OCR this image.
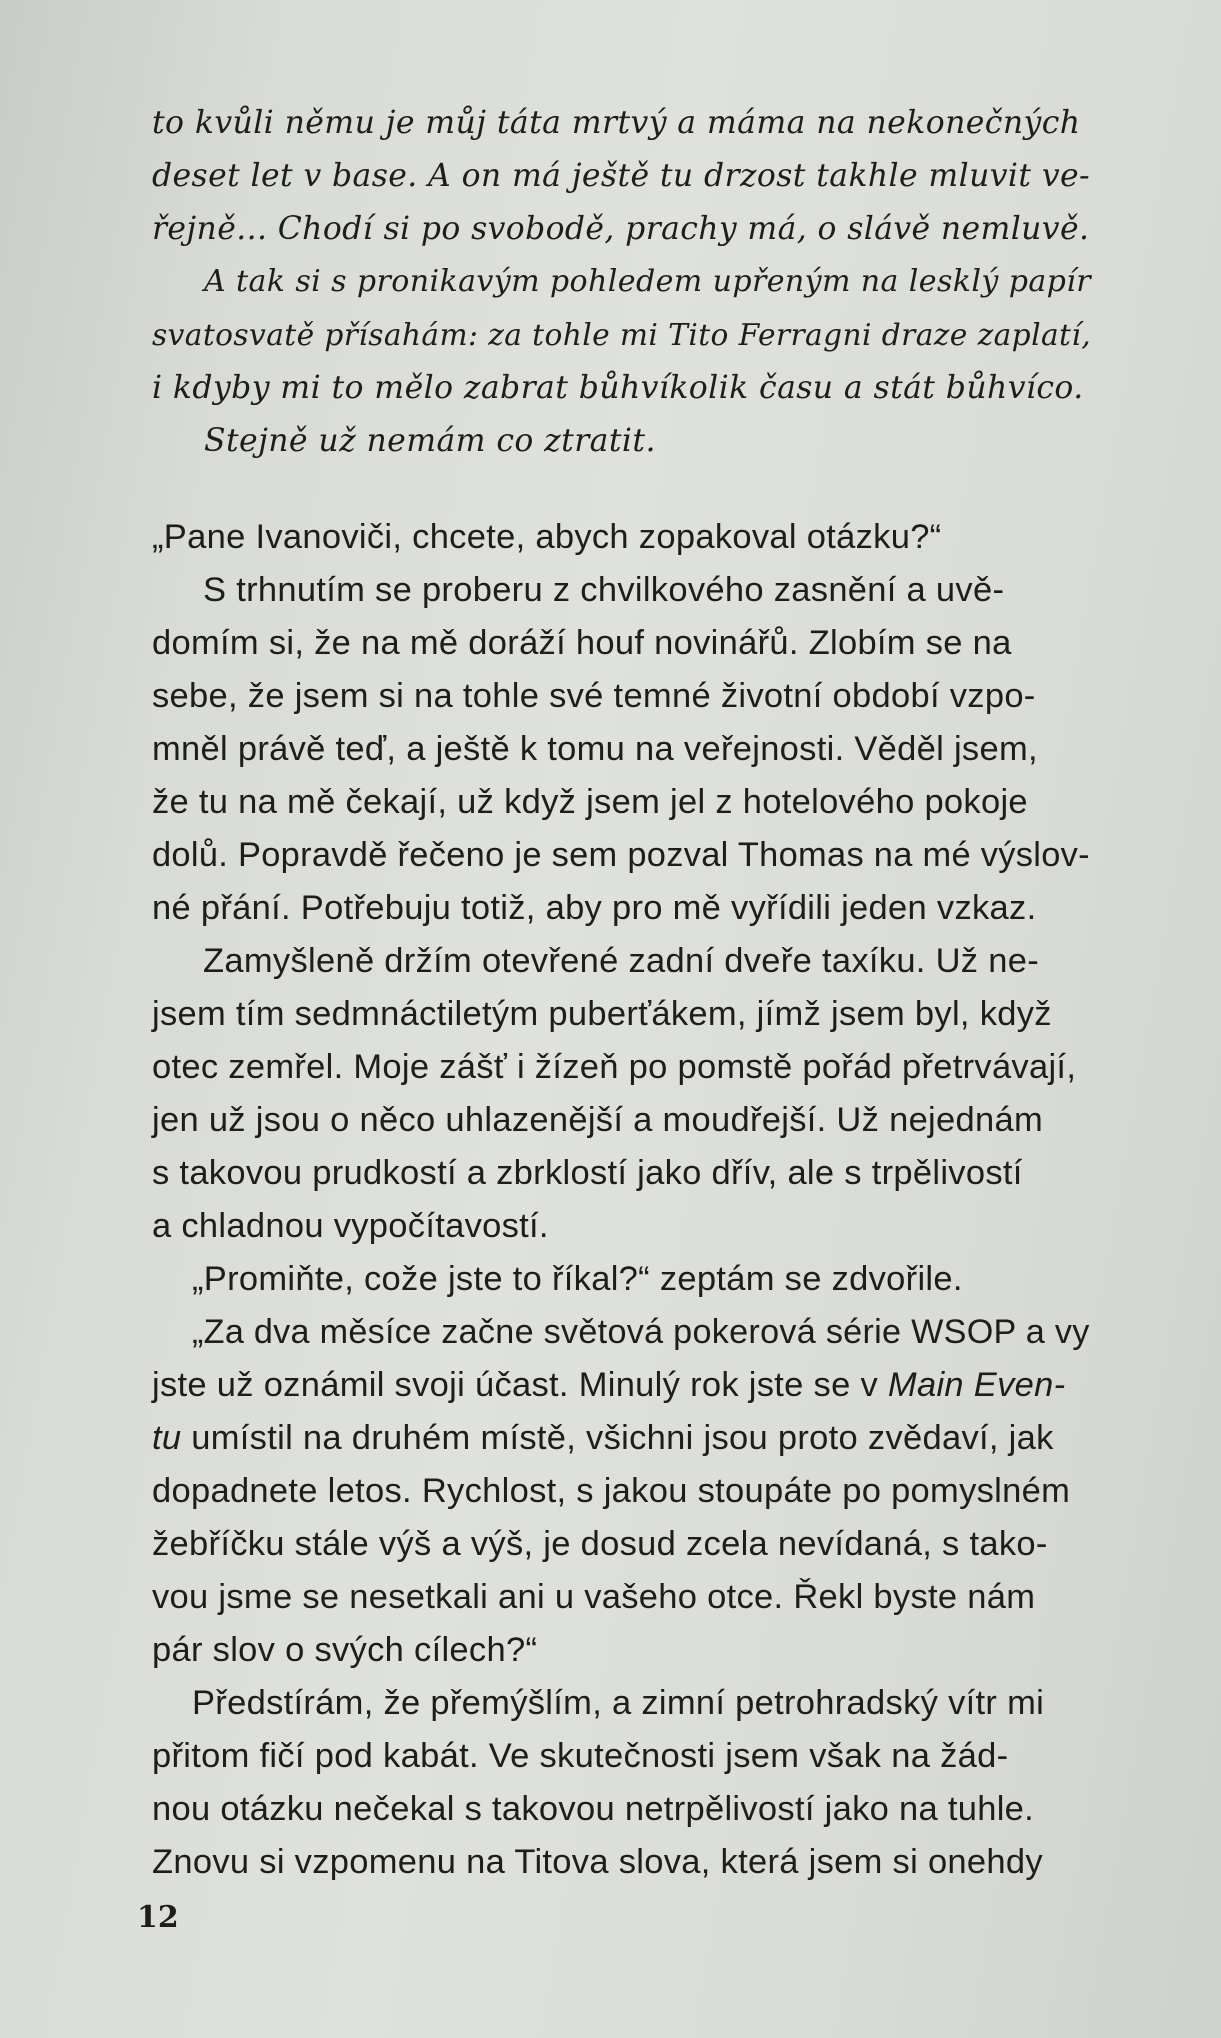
to kvůli němu je můj táta mrtvý a máma na nekonečných
deset let v base. A on má ještě tu drzost takhle mluvit ve-
řejně... Chodí si po svobodě, prachy má, o slávě nemluvě.
A tak si s pronikavým pohledem upřeným na lesklý papír
svatosvatě přísahám: za tohle mi Tito Ferragni draze zaplatí,
i kdyby mi to mělo zabrat bůhvíkolik času a stát bůhvíco.
Stejně už nemám co ztratit.
„Pane Ivanoviči, chcete, abych zopakoval otázku?“
S trhnutím se proberu z chvilkového zasnění a uvě-
domím si, že na mě doráží houf novinářů. Zlobím se na
sebe, že jsem si na tohle své temné životní období vzpo-
mněl právě teď, a ještě k tomu na veřejnosti. Věděl jsem,
že tu na mě čekají, už když jsem jel z hotelového pokoje
dolů. Popravdě řečeno je sem pozval Thomas na mé výslov-
né přání. Potřebuju totiž, aby pro mě vyřídili jeden vzkaz.
Zamyšleně držím otevřené zadní dveře taxíku. Už ne-
jsem tím sedmnáctiletým puberťákem, jímž jsem byl, když
otec zemřel. Moje zášť i žízeň po pomstě pořád přetrvávají,
jen už jsou o něco uhlazenější a moudřejší. Už nejednám
s takovou prudkostí a zbrklostí jako dřív, ale s trpělivostí
a chladnou vypočítavostí.
„Promiňte, cože jste to říkal?“ zeptám se zdvořile.
„Za dva měsíce začne světová pokerová série WSOP a vy
jste už oznámil svoji účast. Minulý rok jste se v Main Even-
tu umístil na druhém místě, všichni jsou proto zvědaví, jak
dopadnete letos. Rychlost, s jakou stoupáte po pomyslném
žebříčku stále výš a výš, je dosud zcela nevídaná, s tako-
vou jsme se nesetkali ani u vašeho otce. Řekl byste nám
pár slov o svých cílech?“
Předstírám, že přemýšlím, a zimní petrohradský vítr mi
přitom fičí pod kabát. Ve skutečnosti jsem však na žád-
nou otázku nečekal s takovou netrpělivostí jako na tuhle.
Znovu si vzpomenu na Titova slova, která jsem si onehdy
12
